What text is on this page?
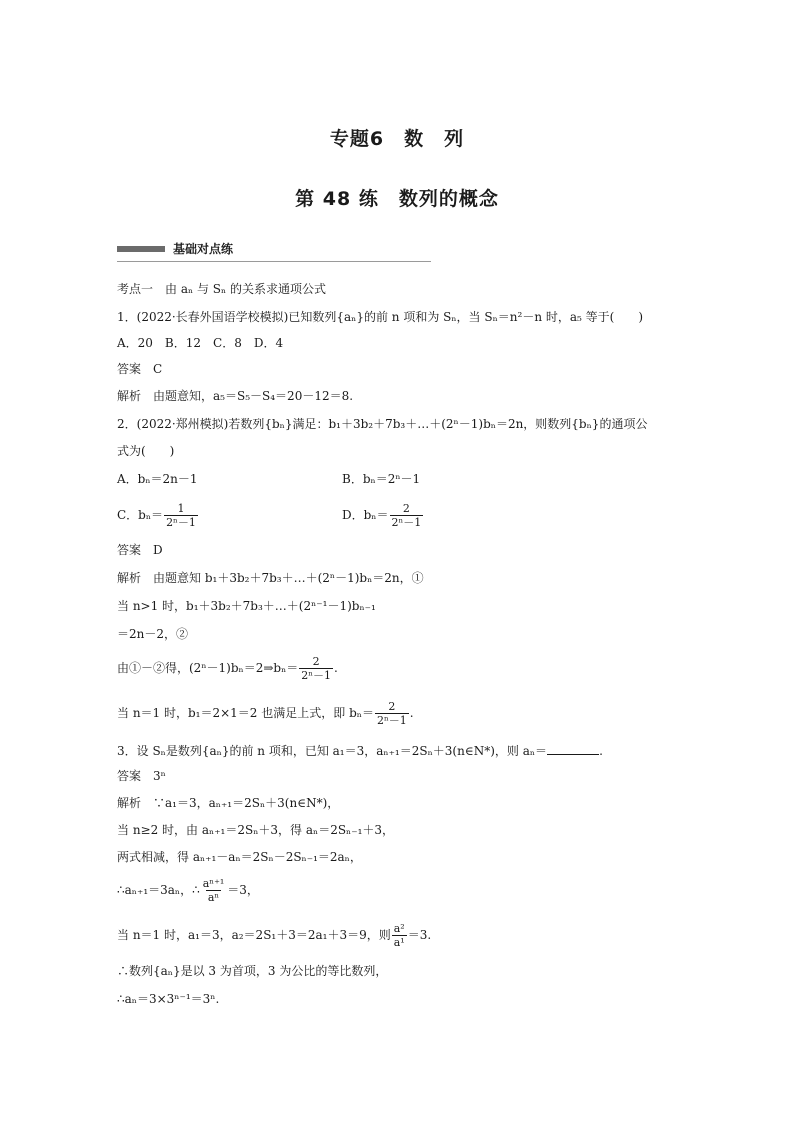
专题6　数　列
第 48 练　数列的概念
基础对点练
考点一　由 aₙ 与 Sₙ 的关系求通项公式
1．(2022·长春外国语学校模拟)已知数列{aₙ}的前 n 项和为 Sₙ，当 Sₙ＝n²－n 时，a₅ 等于(　　)
A．20　B．12　C．8　D．4
答案　 C
解析　 由题意知，a₅＝S₅－S₄＝20－12＝8.
2．(2022·郑州模拟)若数列{bₙ}满足：b₁＋3b₂＋7b₃＋…＋(2ⁿ－1)bₙ＝2n，则数列{bₙ}的通项公
式为(　　)
A．bₙ＝2n－1	B．bₙ＝2ⁿ－1
C．$b_n= \frac{1}{\text{2ⁿ－1}}$	D．$b_n= \frac{2}{\text{2ⁿ－1}}$
答案　 D
解析　 由题意知 b₁＋3b₂＋7b₃＋…＋(2ⁿ－1)bₙ＝2n，①
当 n>1 时，b₁＋3b₂＋7b₃＋…＋(2ⁿ⁻¹－1)bₙ₋₁
＝2n－2，②
由①－②得，(2ⁿ－1)bₙ＝2⇒bₙ＝ $\frac{2}{\text{2ⁿ－1}}$ .
当 n＝1 时，b₁＝2×1＝2 也满足上式，即 $b_n= \frac{2}{\text{2ⁿ－1}}$ .
3．设 Sₙ是数列{aₙ}的前 n 项和，已知 a₁＝3，aₙ₊₁＝2Sₙ＋3(n∈N*)，则 aₙ＝	.
答案　 3ⁿ
解析　 ∵a₁＝3，aₙ₊₁＝2Sₙ＋3(n∈N*)，
当 n≥2 时，由 aₙ₊₁＝2Sₙ＋3，得 aₙ＝2Sₙ₋₁＋3，
两式相减，得 aₙ₊₁－aₙ＝2Sₙ－2Sₙ₋₁＝2aₙ，
∴aₙ₊₁＝3aₙ，∴ $\frac{\text{aⁿ⁺¹}}{\text{aⁿ}} =3$，
当 n＝1 时，a₁＝3，a₂＝2S₁＋3＝2a₁＋3＝9，则 $\frac{\text{a²}}{\text{a¹}} =3$.
∴数列{aₙ}是以 3 为首项，3 为公比的等比数列，
∴aₙ＝3×3ⁿ⁻¹＝3ⁿ.
